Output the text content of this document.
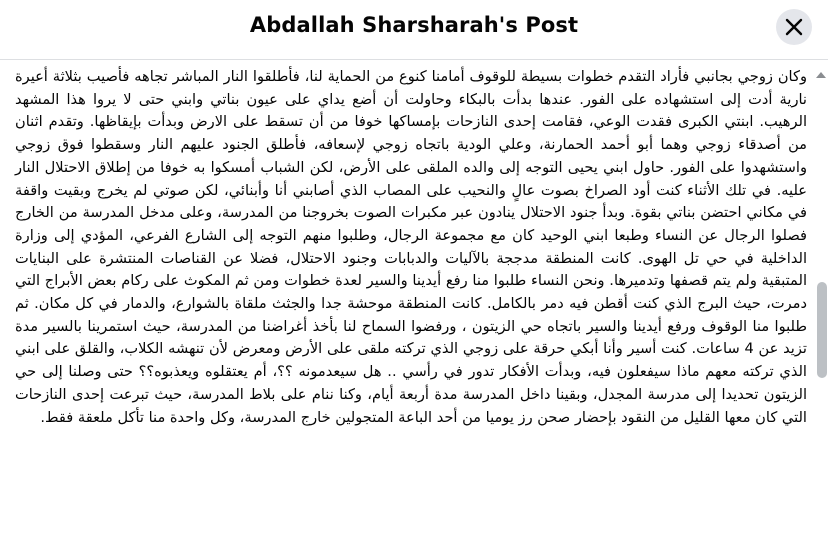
Abdallah Sharsharah's Post

وكان زوجي بجانبي فأراد التقدم خطوات بسيطة للوقوف أمامنا كنوع من الحماية لنا، فأطلقوا النار المباشر تجاهه فأصيب بثلاثة أعيرة نارية أدت إلى استشهاده على الفور. عندها بدأت بالبكاء وحاولت أن أضع يداي على عيون بناتي وابني حتى لا يروا هذا المشهد الرهيب. ابنتي الكبرى فقدت الوعي، فقامت إحدى النازحات بإمساكها خوفا من أن تسقط على الارض وبدأت بإيقاظها. وتقدم اثنان من أصدقاء زوجي وهما أبو أحمد الحمارنة، وعلي الودية باتجاه زوجي لإسعافه، فأطلق الجنود عليهم النار وسقطوا فوق زوجي واستشهدوا على الفور. حاول ابني يحيى التوجه إلى والده الملقى على الأرض، لكن الشباب أمسكوا به خوفا من إطلاق الاحتلال النار عليه. في تلك الأثناء كنت أود الصراخ بصوت عالٍ والنحيب على المصاب الذي أصابني أنا وأبنائي، لكن صوتي لم يخرج وبقيت واقفة في مكاني احتضن بناتي بقوة. وبدأ جنود الاحتلال ينادون عبر مكبرات الصوت بخروجنا من المدرسة، وعلى مدخل المدرسة من الخارج فصلوا الرجال عن النساء وطبعا ابني الوحيد كان مع مجموعة الرجال، وطلبوا منهم التوجه إلى الشارع الفرعي، المؤدي إلى وزارة الداخلية في حي تل الهوى. كانت المنطقة مدججة بالآليات والدبابات وجنود الاحتلال، فضلا عن القناصات المنتشرة على البنايات المتبقية ولم يتم قصفها وتدميرها. ونحن النساء طلبوا منا رفع أيدينا والسير لعدة خطوات ومن ثم المكوث على ركام بعض الأبراج التي دمرت، حيث البرج الذي كنت أقطن فيه دمر بالكامل. كانت المنطقة موحشة جدا والجثث ملقاة بالشوارع، والدمار في كل مكان. ثم طلبوا منا الوقوف ورفع أيدينا والسير باتجاه حي الزيتون ، ورفضوا السماح لنا بأخذ أغراضنا من المدرسة، حيث استمرينا بالسير مدة تزيد عن 4 ساعات. كنت أسير وأنا أبكي حرقة على زوجي الذي تركته ملقى على الأرض ومعرض لأن تنهشه الكلاب، والقلق على ابني الذي تركته معهم ماذا سيفعلون فيه، وبدأت الأفكار تدور في رأسي .. هل سيعدمونه ؟؟، أم يعتقلوه ويعذبوه؟؟ حتى وصلنا إلى حي الزيتون تحديدا إلى مدرسة المجدل، وبقينا داخل المدرسة مدة أربعة أيام، وكنا ننام على بلاط المدرسة، حيث تبرعت إحدى النازحات التي كان معها القليل من النقود بإحضار صحن رز يوميا من أحد الباعة المتجولين خارج المدرسة، وكل واحدة منا تأكل ملعقة فقط.
